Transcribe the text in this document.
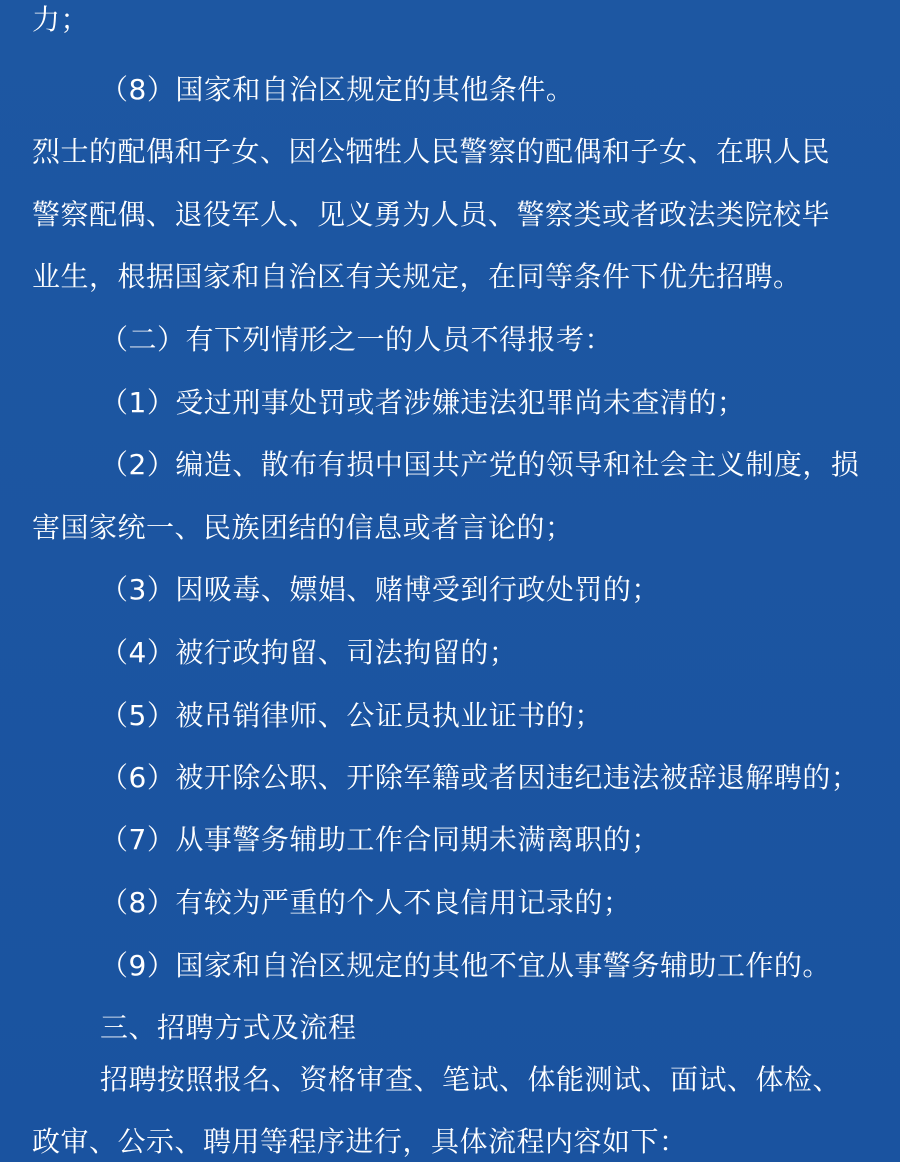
力；
（8）国家和自治区规定的其他条件。
烈士的配偶和子女、因公牺牲人民警察的配偶和子女、在职人民
警察配偶、退役军人、见义勇为人员、警察类或者政法类院校毕
业生，根据国家和自治区有关规定，在同等条件下优先招聘。
（二）有下列情形之一的人员不得报考：
（1）受过刑事处罚或者涉嫌违法犯罪尚未查清的；
（2）编造、散布有损中国共产党的领导和社会主义制度，损
害国家统一、民族团结的信息或者言论的；
（3）因吸毒、嫖娼、赌博受到行政处罚的；
（4）被行政拘留、司法拘留的；
（5）被吊销律师、公证员执业证书的；
（6）被开除公职、开除军籍或者因违纪违法被辞退解聘的；
（7）从事警务辅助工作合同期未满离职的；
（8）有较为严重的个人不良信用记录的；
（9）国家和自治区规定的其他不宜从事警务辅助工作的。
三、招聘方式及流程
招聘按照报名、资格审查、笔试、体能测试、面试、体检、
政审、公示、聘用等程序进行，具体流程内容如下：
